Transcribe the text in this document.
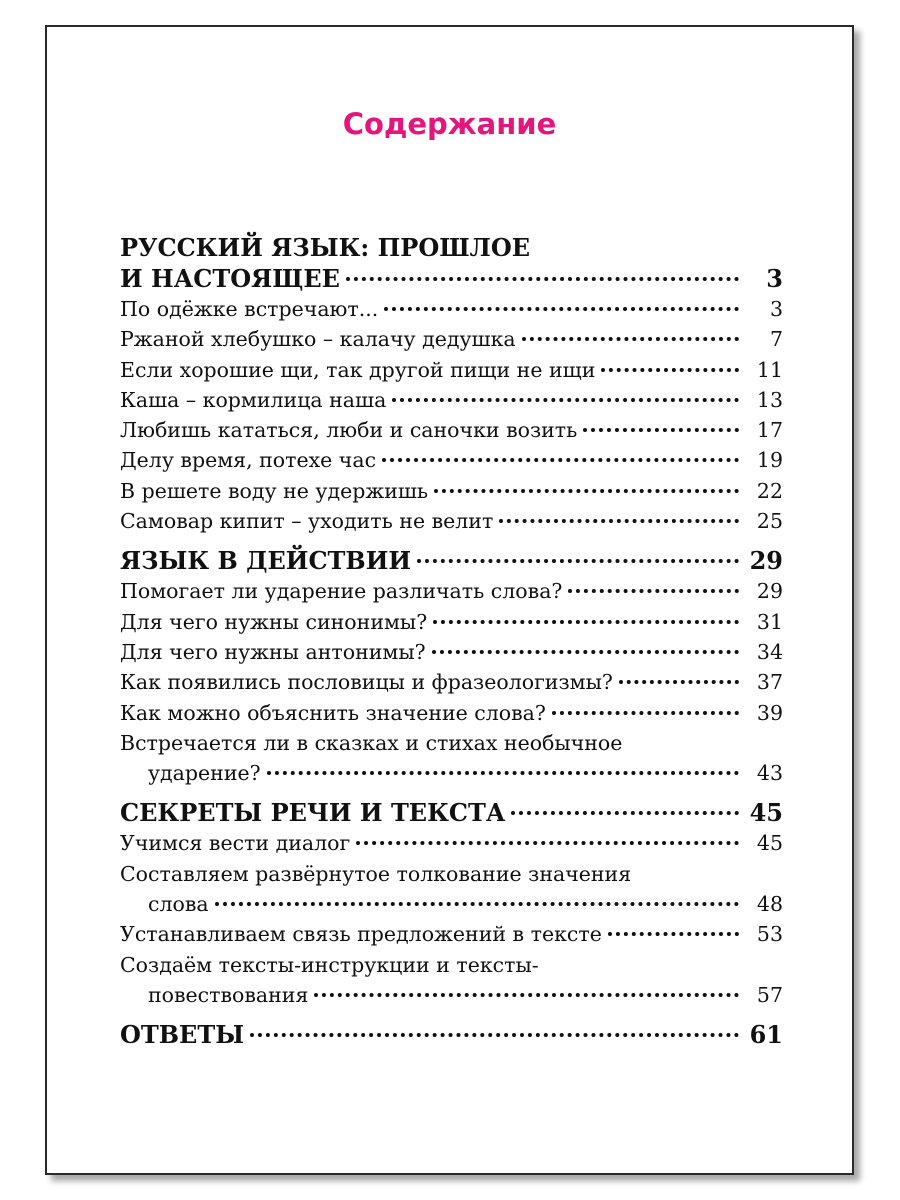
Содержание
РУССКИЙ ЯЗЫК: ПРОШЛОЕ
И НАСТОЯЩЕЕ	3
По одёжке встречают...	3
Ржаной хлебушко – калачу дедушка	7
Если хорошие щи, так другой пищи не ищи	11
Каша – кормилица наша	13
Любишь кататься, люби и саночки возить	17
Делу время, потехе час	19
В решете воду не удержишь	22
Самовар кипит – уходить не велит	25
ЯЗЫК В ДЕЙСТВИИ	29
Помогает ли ударение различать слова?	29
Для чего нужны синонимы?	31
Для чего нужны антонимы?	34
Как появились пословицы и фразеологизмы?	37
Как можно объяснить значение слова?	39
Встречается ли в сказках и стихах необычное
ударение?	43
СЕКРЕТЫ РЕЧИ И ТЕКСТА	45
Учимся вести диалог	45
Составляем развёрнутое толкование значения
слова	48
Устанавливаем связь предложений в тексте	53
Создаём тексты-инструкции и тексты-
повествования	57
ОТВЕТЫ	61
